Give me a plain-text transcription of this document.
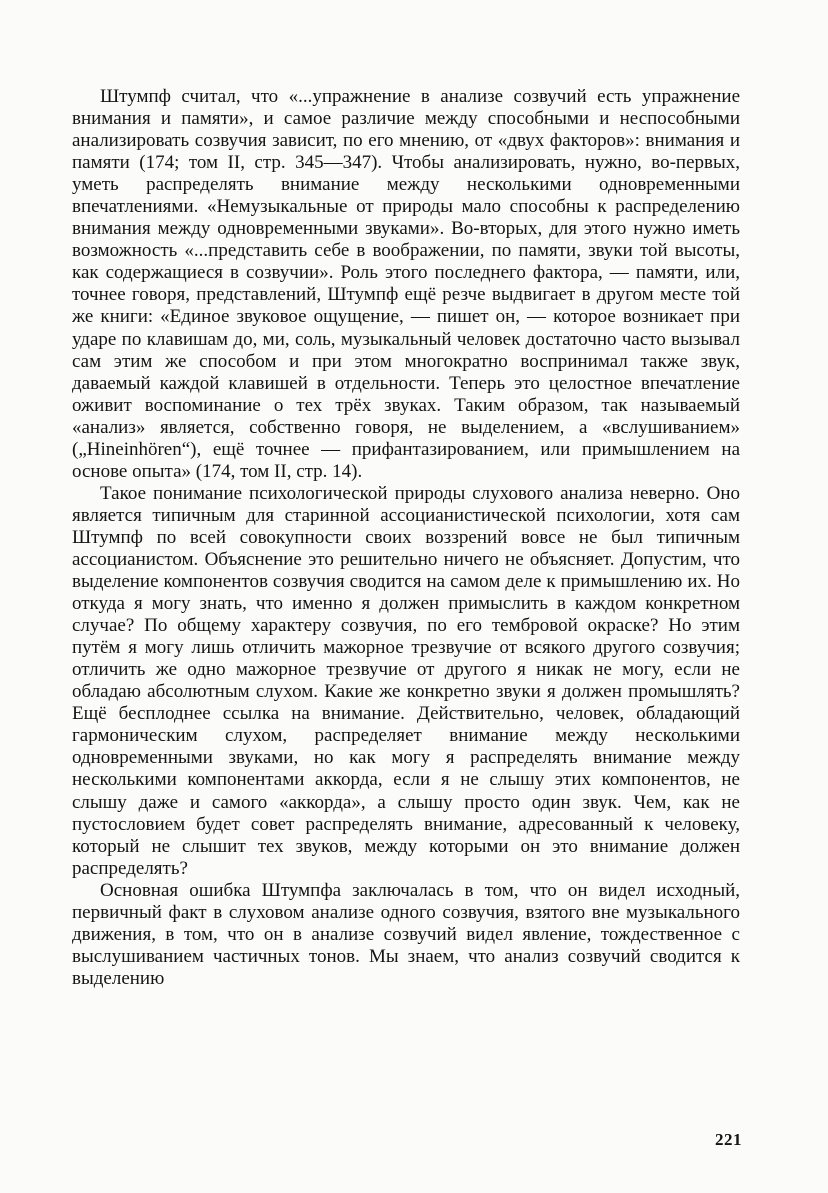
Штумпф считал, что «...упражнение в анализе созвучий есть упражнение внимания и памяти», и самое различие между способными и неспособными анализировать созвучия зависит, по его мнению, от «двух факторов»: внимания и памяти (174; том II, стр. 345—347). Чтобы анализировать, нужно, во-первых, уметь распределять внимание между несколькими одновременными впечатлениями. «Немузыкальные от природы мало способны к распределению внимания между одновременными звуками». Во-вторых, для этого нужно иметь возможность «...представить себе в воображении, по памяти, звуки той высоты, как содержащиеся в созвучии». Роль этого последнего фактора, — памяти, или, точнее говоря, представлений, Штумпф ещё резче выдвигает в другом месте той же книги: «Единое звуковое ощущение, — пишет он, — которое возникает при ударе по клавишам до, ми, соль, музыкальный человек достаточно часто вызывал сам этим же способом и при этом многократно воспринимал также звук, даваемый каждой клавишей в отдельности. Теперь это целостное впечатление оживит воспоминание о тех трёх звуках. Таким образом, так называемый «анализ» является, собственно говоря, не выделением, а «вслушиванием» („Hineinhören“), ещё точнее — прифантазированием, или примышлением на основе опыта» (174, том II, стр. 14).

Такое понимание психологической природы слухового анализа неверно. Оно является типичным для старинной ассоцианистической психологии, хотя сам Штумпф по всей совокупности своих воззрений вовсе не был типичным ассоцианистом. Объяснение это решительно ничего не объясняет. Допустим, что выделение компонентов созвучия сводится на самом деле к примышлению их. Но откуда я могу знать, что именно я должен примыслить в каждом конкретном случае? По общему характеру созвучия, по его тембровой окраске? Но этим путём я могу лишь отличить мажорное трезвучие от всякого другого созвучия; отличить же одно мажорное трезвучие от другого я никак не могу, если не обладаю абсолютным слухом. Какие же конкретно звуки я должен промышлять? Ещё бесплоднее ссылка на внимание. Действительно, человек, обладающий гармоническим слухом, распределяет внимание между несколькими одновременными звуками, но как могу я распределять внимание между несколькими компонентами аккорда, если я не слышу этих компонентов, не слышу даже и самого «аккорда», а слышу просто один звук. Чем, как не пустословием будет совет распределять внимание, адресованный к человеку, который не слышит тех звуков, между которыми он это внимание должен распределять?

Основная ошибка Штумпфа заключалась в том, что он видел исходный, первичный факт в слуховом анализе одного созвучия, взятого вне музыкального движения, в том, что он в анализе созвучий видел явление, тождественное с выслушиванием частичных тонов. Мы знаем, что анализ созвучий сводится к выделению

221
